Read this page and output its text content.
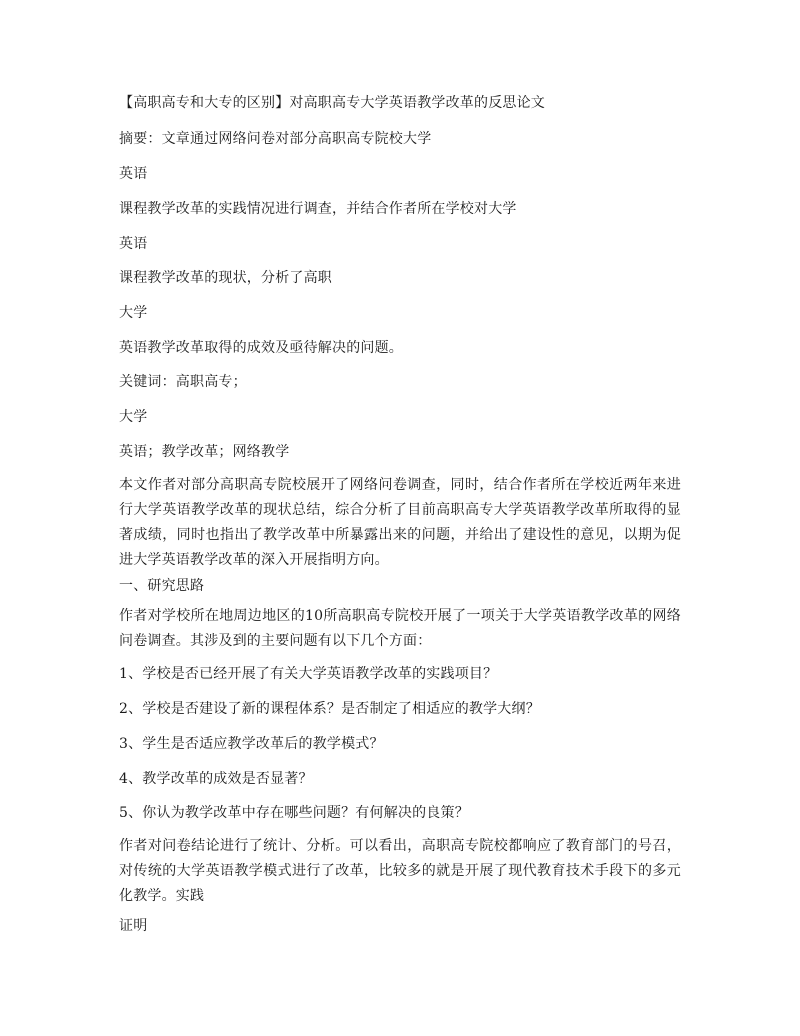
【高职高专和大专的区别】对高职高专大学英语教学改革的反思论文
摘要：文章通过网络问卷对部分高职高专院校大学
英语
课程教学改革的实践情况进行调查，并结合作者所在学校对大学
英语
课程教学改革的现状，分析了高职
大学
英语教学改革取得的成效及亟待解决的问题。
关键词：高职高专；
大学
英语；教学改革；网络教学
本文作者对部分高职高专院校展开了网络问卷调查，同时，结合作者所在学校近两年来进行大学英语教学改革的现状总结，综合分析了目前高职高专大学英语教学改革所取得的显著成绩，同时也指出了教学改革中所暴露出来的问题，并给出了建设性的意见，以期为促进大学英语教学改革的深入开展指明方向。
一、研究思路
作者对学校所在地周边地区的10所高职高专院校开展了一项关于大学英语教学改革的网络问卷调查。其涉及到的主要问题有以下几个方面：
1、学校是否已经开展了有关大学英语教学改革的实践项目？
2、学校是否建设了新的课程体系？是否制定了相适应的教学大纲？
3、学生是否适应教学改革后的教学模式？
4、教学改革的成效是否显著？
5、你认为教学改革中存在哪些问题？有何解决的良策？
作者对问卷结论进行了统计、分析。可以看出，高职高专院校都响应了教育部门的号召，对传统的大学英语教学模式进行了改革，比较多的就是开展了现代教育技术手段下的多元化教学。实践
证明
